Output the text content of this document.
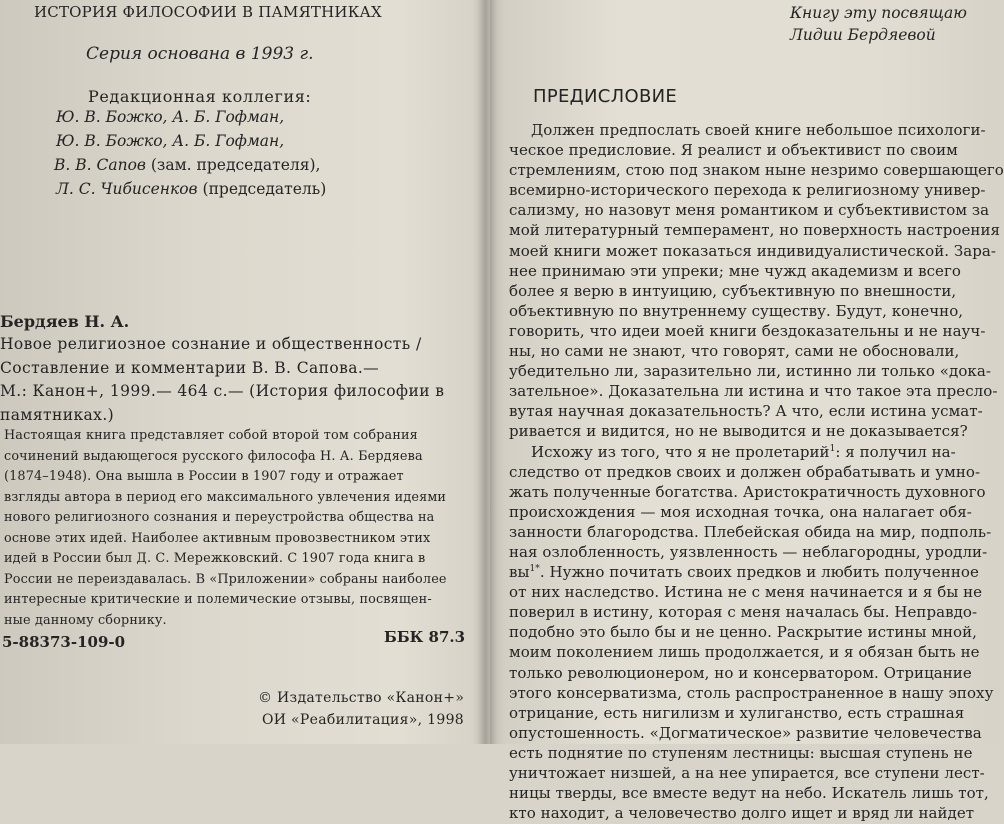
ИСТОРИЯ ФИЛОСОФИИ В ПАМЯТНИКАХ
Серия основана в 1993 г.
Редакционная коллегия:
Ю. В. Божко, А. Б. Гофман,
Ю. В. Божко, А. Б. Гофман,
В. В. Сапов (зам. председателя),
Л. С. Чибисенков (председатель)
Бердяев Н. А.
Новое религиозное сознание и общественность /
Составление и комментарии В. В. Сапова.—
М.: Канон+, 1999.— 464 с.— (История философии в
памятниках.)
Настоящая книга представляет собой второй том собрания
сочинений выдающегося русского философа Н. А. Бердяева
(1874–1948). Она вышла в России в 1907 году и отражает
взгляды автора в период его максимального увлечения идеями
нового религиозного сознания и переустройства общества на
основе этих идей. Наиболее активным провозвестником этих
идей в России был Д. С. Мережковский. С 1907 года книга в
России не переиздавалась. В «Приложении» собраны наиболее
интересные критические и полемические отзывы, посвящен-
ные данному сборнику.
5-88373-109-0	ББК 87.3
© Издательство «Канон+»
ОИ «Реабилитация», 1998
Книгу эту посвящаю
Лидии Бердяевой
ПРЕДИСЛОВИЕ
Должен предпослать своей книге небольшое психологи-
ческое предисловие. Я реалист и объективист по своим
стремлениям, стою под знаком ныне незримо совершающего
всемирно-исторического перехода к религиозному универ-
сализму, но назовут меня романтиком и субъективистом за
мой литературный темперамент, но поверхность настроения
моей книги может показаться индивидуалистической. Зара-
нее принимаю эти упреки; мне чужд академизм и всего
более я верю в интуицию, субъективную по внешности,
объективную по внутреннему существу. Будут, конечно,
говорить, что идеи моей книги бездоказательны и не науч-
ны, но сами не знают, что говорят, сами не обосновали,
убедительно ли, заразительно ли, истинно ли только «дока-
зательное». Доказательна ли истина и что такое эта пресло-
вутая научная доказательность? А что, если истина усмат-
ривается и видится, но не выводится и не доказывается?
Исхожу из того, что я не пролетарий$^1$: я получил на-
следство от предков своих и должен обрабатывать и умно-
жать полученные богатства. Аристократичность духовного
происхождения — моя исходная точка, она налагает обя-
занности благородства. Плебейская обида на мир, подполь-
ная озлобленность, уязвленность — неблагородны, уродли-
вы$^{1*}$. Нужно почитать своих предков и любить полученное
от них наследство. Истина не с меня начинается и я бы не
поверил в истину, которая с меня началась бы. Неправдо-
подобно это было бы и не ценно. Раскрытие истины мной,
моим поколением лишь продолжается, и я обязан быть не
только революционером, но и консерватором. Отрицание
этого консерватизма, столь распространенное в нашу эпоху
отрицание, есть нигилизм и хулиганство, есть страшная
опустошенность. «Догматическое» развитие человечества
есть поднятие по ступеням лестницы: высшая ступень не
уничтожает низшей, а на нее упирается, все ступени лест-
ницы тверды, все вместе ведут на небо. Искатель лишь тот,
кто находит, а человечество долго ищет и вряд ли найдет
